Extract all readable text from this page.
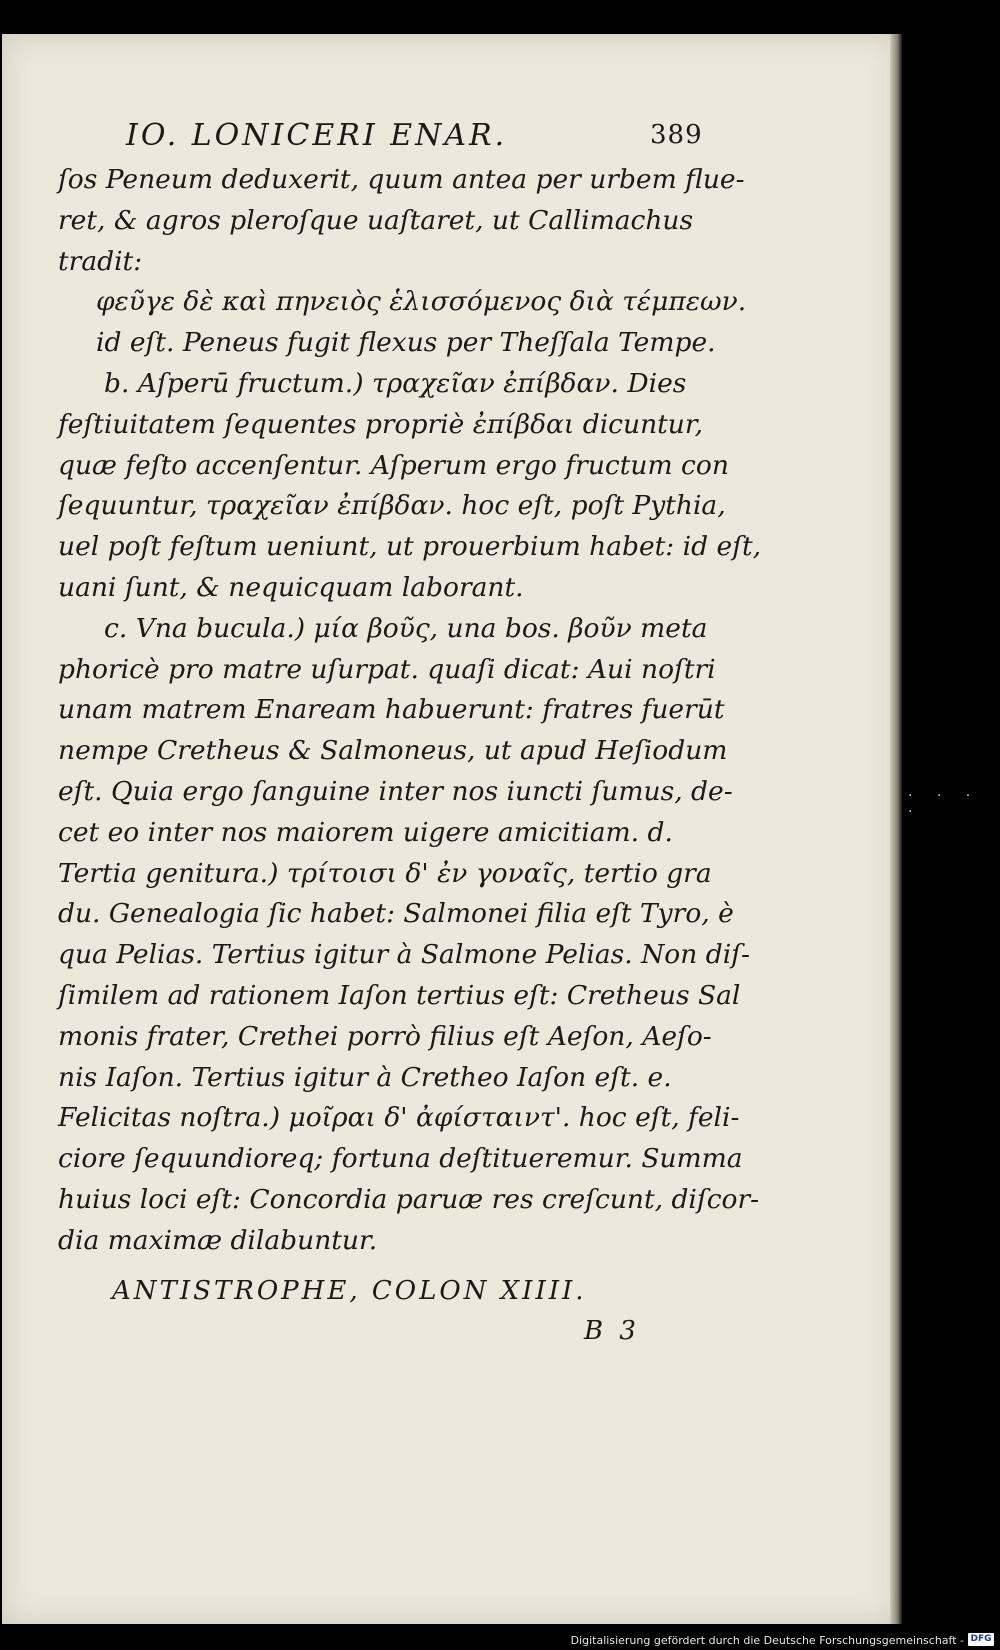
· · · ·
IO. LONICERI ENAR.	389
ſos Peneum deduxerit, quum antea per urbem flue-
ret, & agros pleroſque uaſtaret, ut Callimachus
tradit:
φεῦγε δὲ καὶ πηνειὸς ἑλισσόμενος διὰ τέμπεων.
id eſt. Peneus fugit flexus per Theſſala Tempe.
b. Aſperū fructum.) τραχεῖαν ἐπίβδαν. Dies
feſtiuitatem ſequentes propriè ἐπίβδαι dicuntur,
quæ feſto accenſentur. Aſperum ergo fructum con
ſequuntur, τραχεῖαν ἐπίβδαν. hoc eſt, poſt Pythia,
uel poſt feſtum ueniunt, ut prouerbium habet: id eſt,
uani ſunt, & nequicquam laborant.
c. Vna bucula.) μία βοῦς, una bos. βοῦν meta
phoricè pro matre uſurpat. quaſi dicat: Aui noſtri
unam matrem Enaream habuerunt: fratres fuerūt
nempe Cretheus & Salmoneus, ut apud Heſiodum
eſt. Quia ergo ſanguine inter nos iuncti ſumus, de-
cet eo inter nos maiorem uigere amicitiam. d.
Tertia genitura.) τρίτοισι δ' ἐν γοναῖς, tertio gra
du. Genealogia ſic habet: Salmonei filia eſt Tyro, è
qua Pelias. Tertius igitur à Salmone Pelias. Non diſ-
ſimilem ad rationem Iaſon tertius eſt: Cretheus Sal
monis frater, Crethei porrò filius eſt Aeſon, Aeſo-
nis Iaſon. Tertius igitur à Cretheo Iaſon eſt. e.
Felicitas noſtra.) μοῖραι δ' ἀφίσταιντ'. hoc eſt, feli-
ciore ſequundioreq; fortuna deſtitueremur. Summa
huius loci eſt: Concordia paruæ res creſcunt, diſcor-
dia maximæ dilabuntur.
ANTISTROPHE, COLON XIIII.
B 3
Digitalisierung gefördert durch die Deutsche Forschungsgemeinschaft - DFG
